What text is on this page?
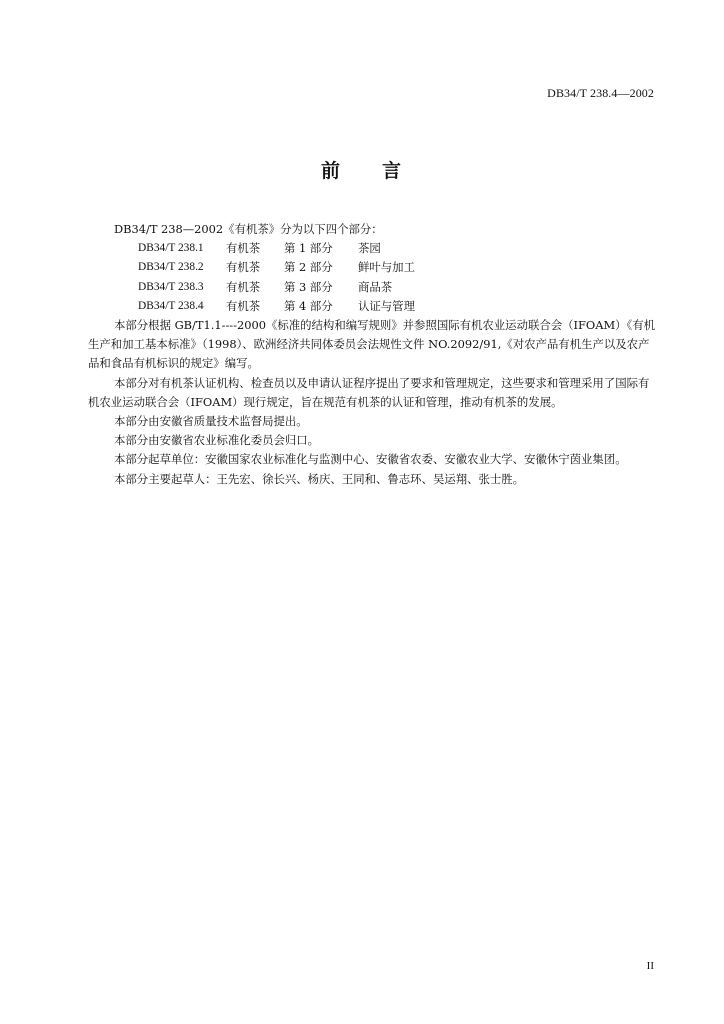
DB34/T 238.4—2002
前 言

DB34/T 238—2002《有机茶》分为以下四个部分：

DB34/T 238.1	有机茶	第 1 部分	茶园
DB34/T 238.2	有机茶	第 2 部分	鲜叶与加工
DB34/T 238.3	有机茶	第 3 部分	商品茶
DB34/T 238.4	有机茶	第 4 部分	认证与管理

本部分根据 GB/T1.1----2000《标准的结构和编写规则》并参照国际有机农业运动联合会（IFOAM）《有机生产和加工基本标准》（1998）、欧洲经济共同体委员会法规性文件 NO.2092/91,《对农产品有机生产以及农产品和食品有机标识的规定》编写。

本部分对有机茶认证机构、检查员以及申请认证程序提出了要求和管理规定，这些要求和管理采用了国际有机农业运动联合会（IFOAM）现行规定，旨在规范有机茶的认证和管理，推动有机茶的发展。

本部分由安徽省质量技术监督局提出。

本部分由安徽省农业标准化委员会归口。

本部分起草单位：安徽国家农业标准化与监测中心、安徽省农委、安徽农业大学、安徽休宁茵业集团。

本部分主要起草人：王先宏、徐长兴、杨庆、王同和、鲁志环、吴运翔、张士胜。

II
